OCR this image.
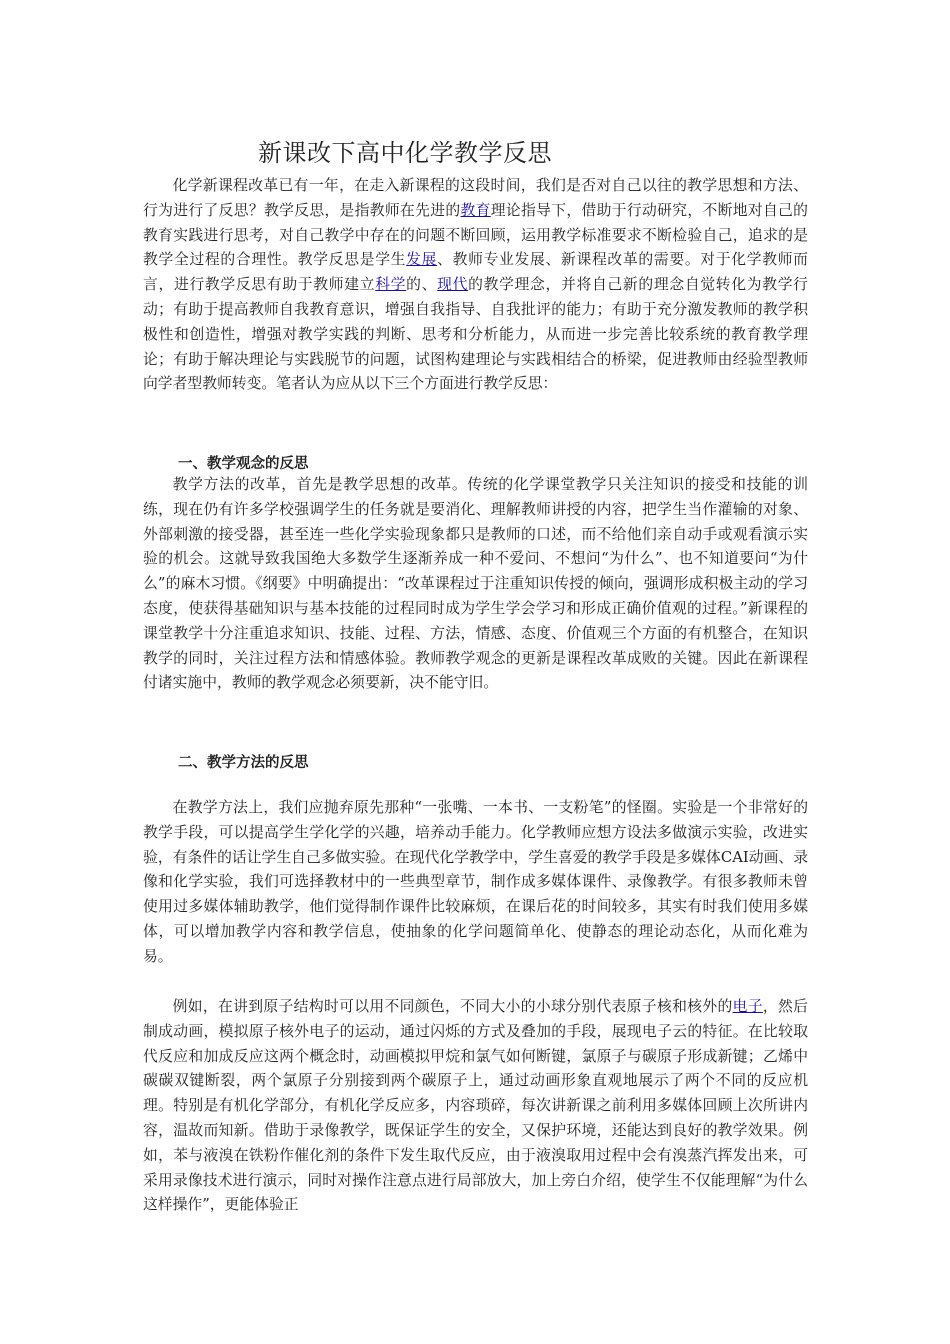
新课改下高中化学教学反思

化学新课程改革已有一年，在走入新课程的这段时间，我们是否对自己以往的教学思想和方法、行为进行了反思？教学反思，是指教师在先进的教育理论指导下，借助于行动研究，不断地对自己的教育实践进行思考，对自己教学中存在的问题不断回顾，运用教学标准要求不断检验自己，追求的是教学全过程的合理性。教学反思是学生发展、教师专业发展、新课程改革的需要。对于化学教师而言，进行教学反思有助于教师建立科学的、现代的教学理念，并将自己新的理念自觉转化为教学行动；有助于提高教师自我教育意识，增强自我指导、自我批评的能力；有助于充分激发教师的教学积极性和创造性，增强对教学实践的判断、思考和分析能力，从而进一步完善比较系统的教育教学理论；有助于解决理论与实践脱节的问题，试图构建理论与实践相结合的桥梁，促进教师由经验型教师向学者型教师转变。笔者认为应从以下三个方面进行教学反思：

一、教学观念的反思

教学方法的改革，首先是教学思想的改革。传统的化学课堂教学只关注知识的接受和技能的训练，现在仍有许多学校强调学生的任务就是要消化、理解教师讲授的内容，把学生当作灌输的对象、外部刺激的接受器，甚至连一些化学实验现象都只是教师的口述，而不给他们亲自动手或观看演示实验的机会。这就导致我国绝大多数学生逐渐养成一种不爱问、不想问“为什么”、也不知道要问“为什么”的麻木习惯。《纲要》中明确提出：“改革课程过于注重知识传授的倾向，强调形成积极主动的学习态度，使获得基础知识与基本技能的过程同时成为学生学会学习和形成正确价值观的过程。”新课程的课堂教学十分注重追求知识、技能、过程、方法，情感、态度、价值观三个方面的有机整合，在知识教学的同时，关注过程方法和情感体验。教师教学观念的更新是课程改革成败的关键。因此在新课程付诸实施中，教师的教学观念必须要新，决不能守旧。

二、教学方法的反思

在教学方法上，我们应抛弃原先那种“一张嘴、一本书、一支粉笔”的怪圈。实验是一个非常好的教学手段，可以提高学生学化学的兴趣，培养动手能力。化学教师应想方设法多做演示实验，改进实验，有条件的话让学生自己多做实验。在现代化学教学中，学生喜爱的教学手段是多媒体CAI动画、录像和化学实验，我们可选择教材中的一些典型章节，制作成多媒体课件、录像教学。有很多教师未曾使用过多媒体辅助教学，他们觉得制作课件比较麻烦，在课后花的时间较多，其实有时我们使用多媒体，可以增加教学内容和教学信息，使抽象的化学问题简单化、使静态的理论动态化，从而化难为易。

例如，在讲到原子结构时可以用不同颜色，不同大小的小球分别代表原子核和核外的电子，然后制成动画，模拟原子核外电子的运动，通过闪烁的方式及叠加的手段，展现电子云的特征。在比较取代反应和加成反应这两个概念时，动画模拟甲烷和氯气如何断键，氯原子与碳原子形成新键；乙烯中碳碳双键断裂，两个氯原子分别接到两个碳原子上，通过动画形象直观地展示了两个不同的反应机理。特别是有机化学部分，有机化学反应多，内容琐碎，每次讲新课之前利用多媒体回顾上次所讲内容，温故而知新。借助于录像教学，既保证学生的安全，又保护环境，还能达到良好的教学效果。例如，苯与液溴在铁粉作催化剂的条件下发生取代反应，由于液溴取用过程中会有溴蒸汽挥发出来，可采用录像技术进行演示，同时对操作注意点进行局部放大，加上旁白介绍，使学生不仅能理解“为什么这样操作”，更能体验正
